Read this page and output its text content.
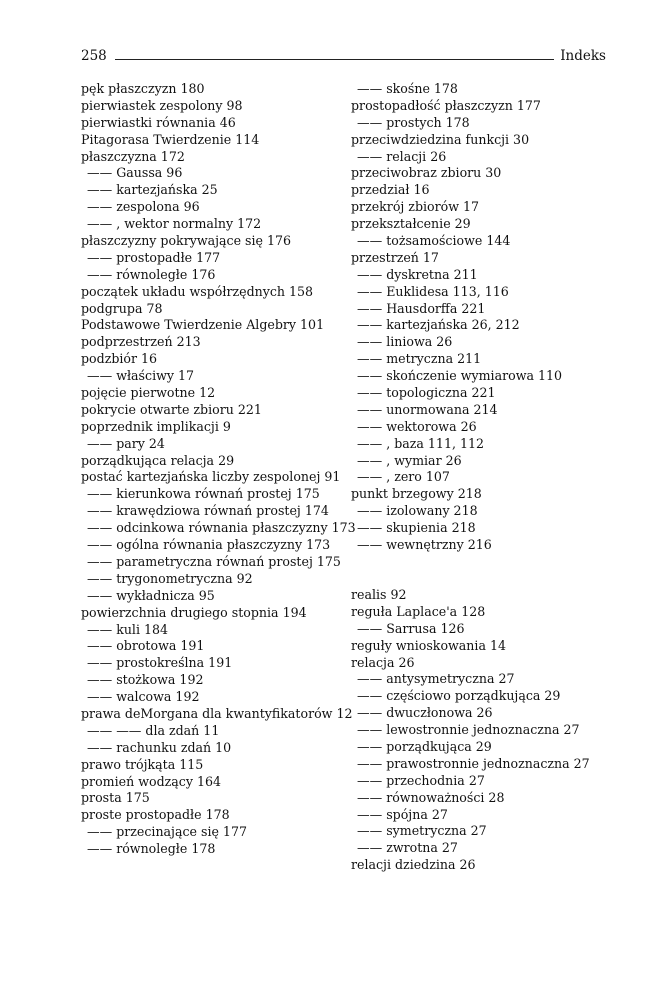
258	Indeks
pęk płaszczyzn 180
pierwiastek zespolony 98
pierwiastki równania 46
Pitagorasa Twierdzenie 114
płaszczyzna 172
—— Gaussa 96
—— kartezjańska 25
—— zespolona 96
—— , wektor normalny 172
płaszczyzny pokrywające się 176
—— prostopadłe 177
—— równoległe 176
początek układu współrzędnych 158
podgrupa 78
Podstawowe Twierdzenie Algebry 101
podprzestrzeń 213
podzbiór 16
—— właściwy 17
pojęcie pierwotne 12
pokrycie otwarte zbioru 221
poprzednik implikacji 9
—— pary 24
porządkująca relacja 29
postać kartezjańska liczby zespolonej 91
—— kierunkowa równań prostej 175
—— krawędziowa równań prostej 174
—— odcinkowa równania płaszczyzny 173
—— ogólna równania płaszczyzny 173
—— parametryczna równań prostej 175
—— trygonometryczna 92
—— wykładnicza 95
powierzchnia drugiego stopnia 194
—— kuli 184
—— obrotowa 191
—— prostokreślna 191
—— stożkowa 192
—— walcowa 192
prawa deMorgana dla kwantyfikatorów 12
—— —— dla zdań 11
—— rachunku zdań 10
prawo trójkąta 115
promień wodzący 164
prosta 175
proste prostopadłe 178
—— przecinające się 177
—— równoległe 178
—— skośne 178
prostopadłość płaszczyzn 177
—— prostych 178
przeciwdziedzina funkcji 30
—— relacji 26
przeciwobraz zbioru 30
przedział 16
przekrój zbiorów 17
przekształcenie 29
—— tożsamościowe 144
przestrzeń 17
—— dyskretna 211
—— Euklidesa 113, 116
—— Hausdorffa 221
—— kartezjańska 26, 212
—— liniowa 26
—— metryczna 211
—— skończenie wymiarowa 110
—— topologiczna 221
—— unormowana 214
—— wektorowa 26
—— , baza 111, 112
—— , wymiar 26
—— , zero 107
punkt brzegowy 218
—— izolowany 218
—— skupienia 218
—— wewnętrzny 216
realis 92
reguła Laplace'a 128
—— Sarrusa 126
reguły wnioskowania 14
relacja 26
—— antysymetryczna 27
—— częściowo porządkująca 29
—— dwuczłonowa 26
—— lewostronnie jednoznaczna 27
—— porządkująca 29
—— prawostronnie jednoznaczna 27
—— przechodnia 27
—— równoważności 28
—— spójna 27
—— symetryczna 27
—— zwrotna 27
relacji dziedzina 26
